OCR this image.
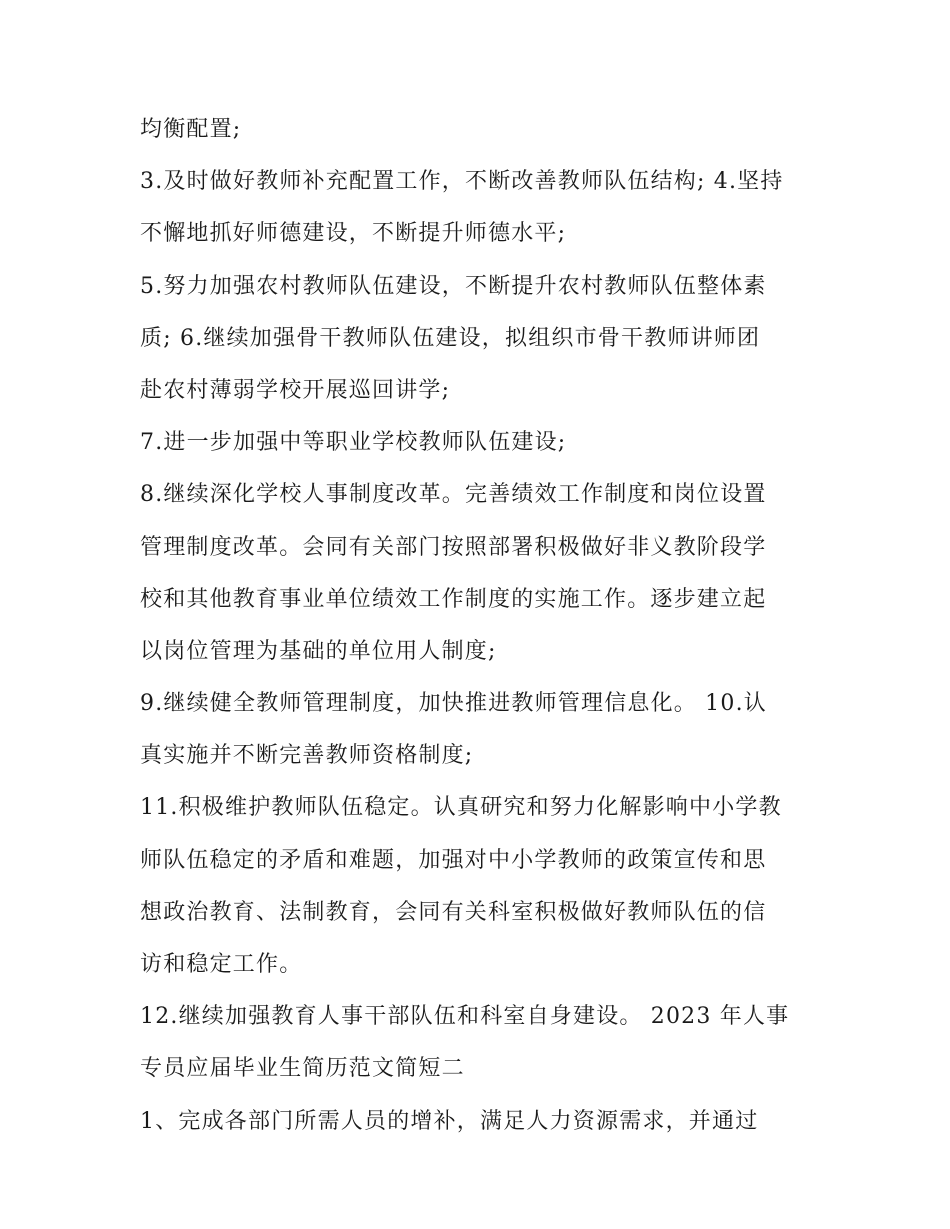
均衡配置;
3.及时做好教师补充配置工作，不断改善教师队伍结构; 4.坚持
不懈地抓好师德建设，不断提升师德水平;
5.努力加强农村教师队伍建设，不断提升农村教师队伍整体素
质; 6.继续加强骨干教师队伍建设，拟组织市骨干教师讲师团
赴农村薄弱学校开展巡回讲学;
7.进一步加强中等职业学校教师队伍建设;
8.继续深化学校人事制度改革。完善绩效工作制度和岗位设置
管理制度改革。会同有关部门按照部署积极做好非义教阶段学
校和其他教育事业单位绩效工作制度的实施工作。逐步建立起
以岗位管理为基础的单位用人制度;
9.继续健全教师管理制度，加快推进教师管理信息化。 10.认
真实施并不断完善教师资格制度;
11.积极维护教师队伍稳定。认真研究和努力化解影响中小学教
师队伍稳定的矛盾和难题，加强对中小学教师的政策宣传和思
想政治教育、法制教育，会同有关科室积极做好教师队伍的信
访和稳定工作。
12.继续加强教育人事干部队伍和科室自身建设。 2023 年人事
专员应届毕业生简历范文简短二
1、完成各部门所需人员的增补，满足人力资源需求，并通过
